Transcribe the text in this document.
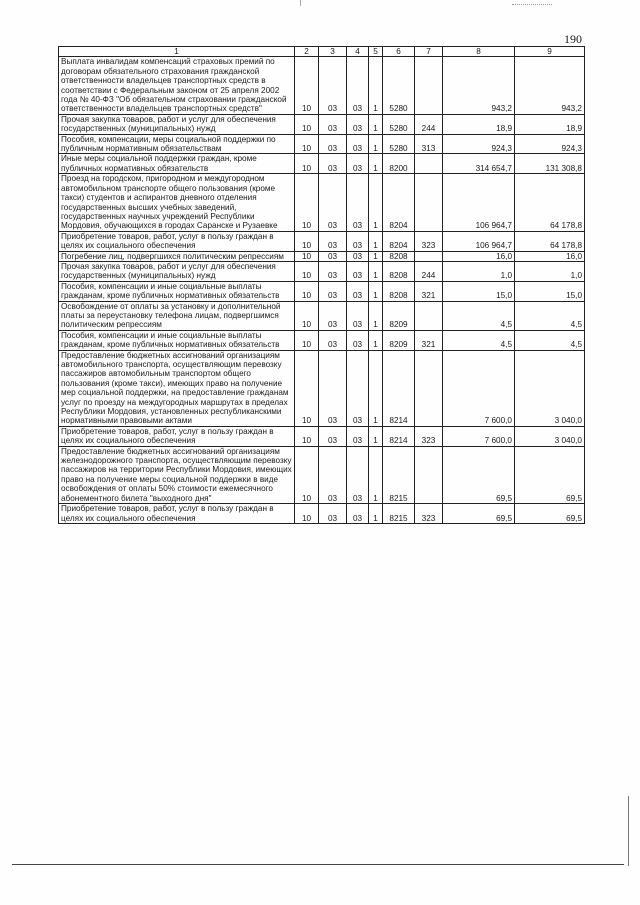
190
1	2	3	4	5	6	7	8	9
Выплата инвалидам компенсаций страховых премий по договорам обязательного страхования гражданской ответственности владельцев транспортных средств в соответствии с Федеральным законом от 25 апреля 2002 года № 40-ФЗ "Об обязательном страховании гражданской ответственности владельцев транспортных средств"	10	03	03	1	5280		943,2	943,2
Прочая закупка товаров, работ и услуг для обеспечения государственных (муниципальных) нужд	10	03	03	1	5280	244	18,9	18,9
Пособия, компенсации, меры социальной поддержки по публичным нормативным обязательствам	10	03	03	1	5280	313	924,3	924,3
Иные меры социальной поддержки граждан, кроме публичных нормативных обязательств	10	03	03	1	8200		314 654,7	131 308,8
Проезд на городском, пригородном и междугородном автомобильном транспорте общего пользования (кроме такси) студентов и аспирантов дневного отделения государственных высших учебных заведений, государственных научных учреждений Республики Мордовия, обучающихся в городах Саранске и Рузаевке	10	03	03	1	8204		106 964,7	64 178,8
Приобретение товаров, работ, услуг в пользу граждан в целях их социального обеспечения	10	03	03	1	8204	323	106 964,7	64 178,8
Погребение лиц, подвергшихся политическим репрессиям	10	03	03	1	8208		16,0	16,0
Прочая закупка товаров, работ и услуг для обеспечения государственных (муниципальных) нужд	10	03	03	1	8208	244	1,0	1,0
Пособия, компенсации и иные социальные выплаты гражданам, кроме публичных нормативных обязательств	10	03	03	1	8208	321	15,0	15,0
Освобождение от оплаты за установку и дополнительной платы за переустановку телефона лицам, подвергшимся политическим репрессиям	10	03	03	1	8209		4,5	4,5
Пособия, компенсации и иные социальные выплаты гражданам, кроме публичных нормативных обязательств	10	03	03	1	8209	321	4,5	4,5
Предоставление бюджетных ассигнований организациям автомобильного транспорта, осуществляющим перевозку пассажиров автомобильным транспортом общего пользования (кроме такси), имеющих право на получение мер социальной поддержки, на предоставление гражданам услуг по проезду на междугородных маршрутах в пределах Республики Мордовия, установленных республиканскими нормативными правовыми актами	10	03	03	1	8214		7 600,0	3 040,0
Приобретение товаров, работ, услуг в пользу граждан в целях их социального обеспечения	10	03	03	1	8214	323	7 600,0	3 040,0
Предоставление бюджетных ассигнований организациям железнодорожного транспорта, осуществляющим перевозку пассажиров на территории Республики Мордовия, имеющих право на получение меры социальной поддержки в виде освобождения от оплаты 50% стоимости ежемесячного абонементного билета "выходного дня"	10	03	03	1	8215		69,5	69,5
Приобретение товаров, работ, услуг в пользу граждан в целях их социального обеспечения	10	03	03	1	8215	323	69,5	69,5
